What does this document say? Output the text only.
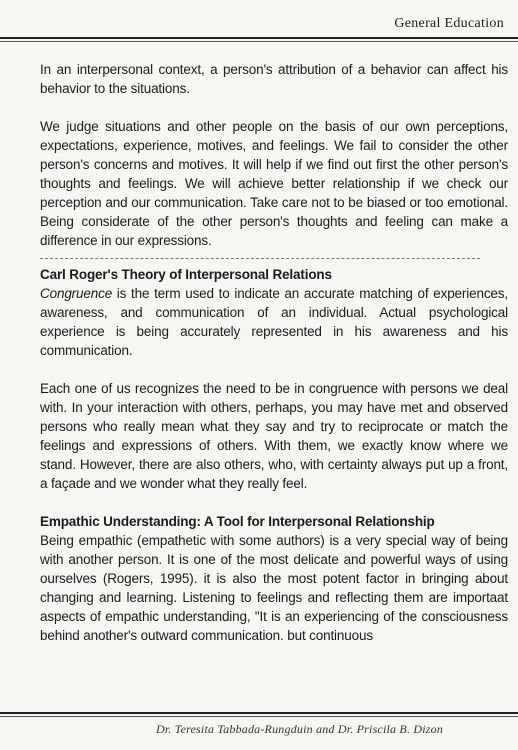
General Education

In an interpersonal context, a person's attribution of a behavior can affect his behavior to the situations.

We judge situations and other people on the basis of our own perceptions, expectations, experience, motives, and feelings. We fail to consider the other person's concerns and motives. It will help if we find out first the other person's thoughts and feelings. We will achieve better relationship if we check our perception and our communication. Take care not to be biased or too emotional. Being considerate of the other person's thoughts and feeling can make a difference in our expressions.

Carl Roger's Theory of Interpersonal Relations

Congruence is the term used to indicate an accurate matching of experiences, awareness, and communication of an individual. Actual psychological experience is being accurately represented in his awareness and his communication.

Each one of us recognizes the need to be in congruence with persons we deal with. In your interaction with others, perhaps, you may have met and observed persons who really mean what they say and try to reciprocate or match the feelings and expressions of others. With them, we exactly know where we stand. However, there are also others, who, with certainty always put up a front, a façade and we wonder what they really feel.

Empathic Understanding: A Tool for Interpersonal Relationship

Being empathic (empathetic with some authors) is a very special way of being with another person. It is one of the most delicate and powerful ways of using ourselves (Rogers, 1995). it is also the most potent factor in bringing about changing and learning. Listening to feelings and reflecting them are impor​taat aspects of empathic understanding, "It is an experiencing of the consciousness behind another's outward communication. but continuous

Dr. Teresita Tabbada-Rungduin and Dr. Priscila B. Dizon
